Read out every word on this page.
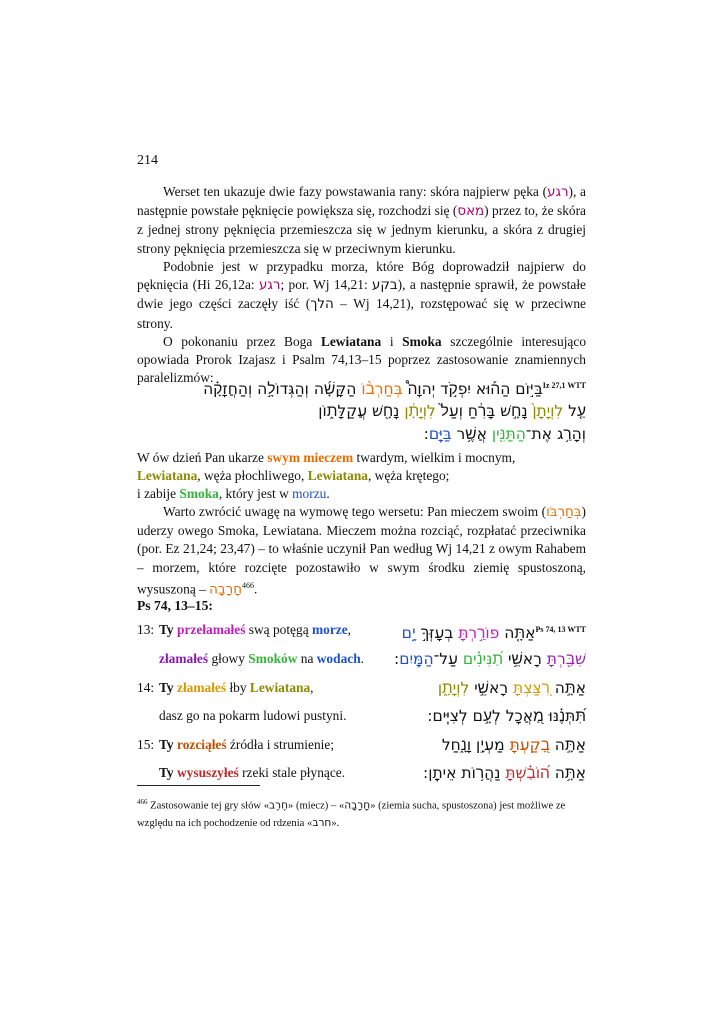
214

Werset ten ukazuje dwie fazy powstawania rany: skóra najpierw pęka (רגע), a następnie powstałe pęknięcie powiększa się, rozchodzi się (מאס) przez to, że skóra z jednej strony pęknięcia przemieszcza się w jednym kierunku, a skóra z drugiej strony pęknięcia przemieszcza się w przeciwnym kierunku.

Podobnie jest w przypadku morza, które Bóg doprowadził najpierw do pęknięcia (Hi 26,12a: רגע; por. Wj 14,21: בקע), a następnie sprawił, że powstałe dwie jego części zaczęły iść (הלך – Wj 14,21), rozstępować się w przeciwne strony.

O pokonaniu przez Boga Lewiatana i Smoka szczególnie interesująco opowiada Prorok Izajasz i Psalm 74,13–15 poprzez zastosowanie znamiennych paralelizmów:

$^{Iz 27,1 WTT}$בַּיּ֣וֹם הַה֡וּא יִפְקֹ֣ד יְהוָה֩ בְּחַרְב֨וֹ הַקָּשָׁ֜ה וְהַגְּדוֹלָ֣ה וְהַחֲזָקָ֗ה
עַ֤ל לִוְיָתָן֙ נָחָ֣שׁ בָּרִ֔חַ וְעַל֙ לִוְיָתָ֔ן נָחָ֖שׁ עֲקַלָּת֑וֹן
וְהָרַ֥ג אֶת־הַתַּנִּ֖ין אֲשֶׁ֥ר בַּיָּֽם:

W ów dzień Pan ukarze swym mieczem twardym, wielkim i mocnym,
Lewiatana, węża płochliwego, Lewiatana, węża krętego;
i zabije Smoka, który jest w morzu.

Warto zwrócić uwagę na wymowę tego wersetu: Pan mieczem swoim (בְּחַרְבֹּו) uderzy owego Smoka, Lewiatana. Mieczem można rozciąć, rozpłatać przeciwnika (por. Ez 21,24; 23,47) – to właśnie uczynił Pan według Wj 14,21 z owym Rahabem – morzem, które rozcięte pozostawiło w swym środku ziemię spustoszoną, wysuszoną – חָרָבָה$^{466}$.

Ps 74, 13–15:
13: Ty przełamałeś swą potęgą morze,
złamałeś głowy Smoków na wodach.
14: Ty złamałeś łby Lewiatana,
dasz go na pokarm ludowi pustyni.
15: Ty rozciąłeś źródła i strumienie;
Ty wysuszyłeś rzeki stale płynące.
$^{Ps 74, 13 WTT}$אַתָּ֤ה פוֹרַ֣רְתָּ בְעָזְּךָ֣ יָ֑ם
שִׁבַּ֖רְתָּ רָאשֵׁ֥י תַ֝נִּינִ֗ים עַל־הַמָּֽיִם:
אַתָּ֣ה רִ֭צַּצְתָּ רָאשֵׁ֣י לִוְיָתָ֑ן
תִּ֝תְּנֶ֗נּוּ מַ֭אֲכָל לְעָ֣ם לְצִיִּֽים:
אַתָּ֣ה בָ֭קַעְתָּ מַעְיָ֣ן וָנָ֑חַל
אַתָּ֥ה ה֝וֹבַ֗שְׁתָּ נַהֲר֥וֹת אֵיתָֽן:

$^{466}$ Zastosowanie tej gry słów «חֶרֶב» (miecz) – «חָרָבָה» (ziemia sucha, spustoszona) jest możliwe ze względu na ich pochodzenie od rdzenia «חרב».
